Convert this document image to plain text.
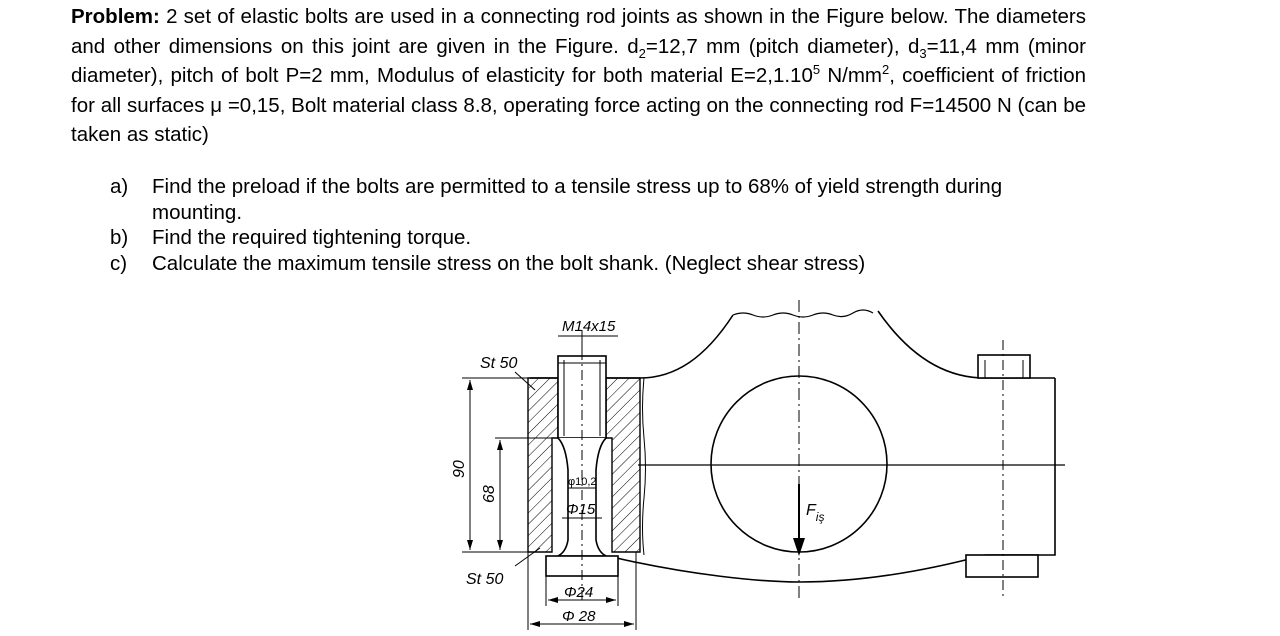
Problem: 2 set of elastic bolts are used in a connecting rod joints as shown in the Figure below. The diameters and other dimensions on this joint are given in the Figure. $d_2=12,7$ mm (pitch diameter), $d_3=11,4$ mm (minor diameter), pitch of bolt P=2 mm, Modulus of elasticity for both material $E=2,1.10^5$ $N/mm^2$, coefficient of friction for all surfaces μ =0,15, Bolt material class 8.8, operating force acting on the connecting rod F=14500 N (can be taken as static)
a)	Find the preload if the bolts are permitted to a tensile stress up to 68% of yield strength during mounting.
b)	Find the required tightening torque.
c)	Calculate the maximum tensile stress on the bolt shank. (Neglect shear stress)
M14x15
St 50
St 50
90
68
φ10,2
Φ15
Φ24
Φ 28
$F_{iş}$
